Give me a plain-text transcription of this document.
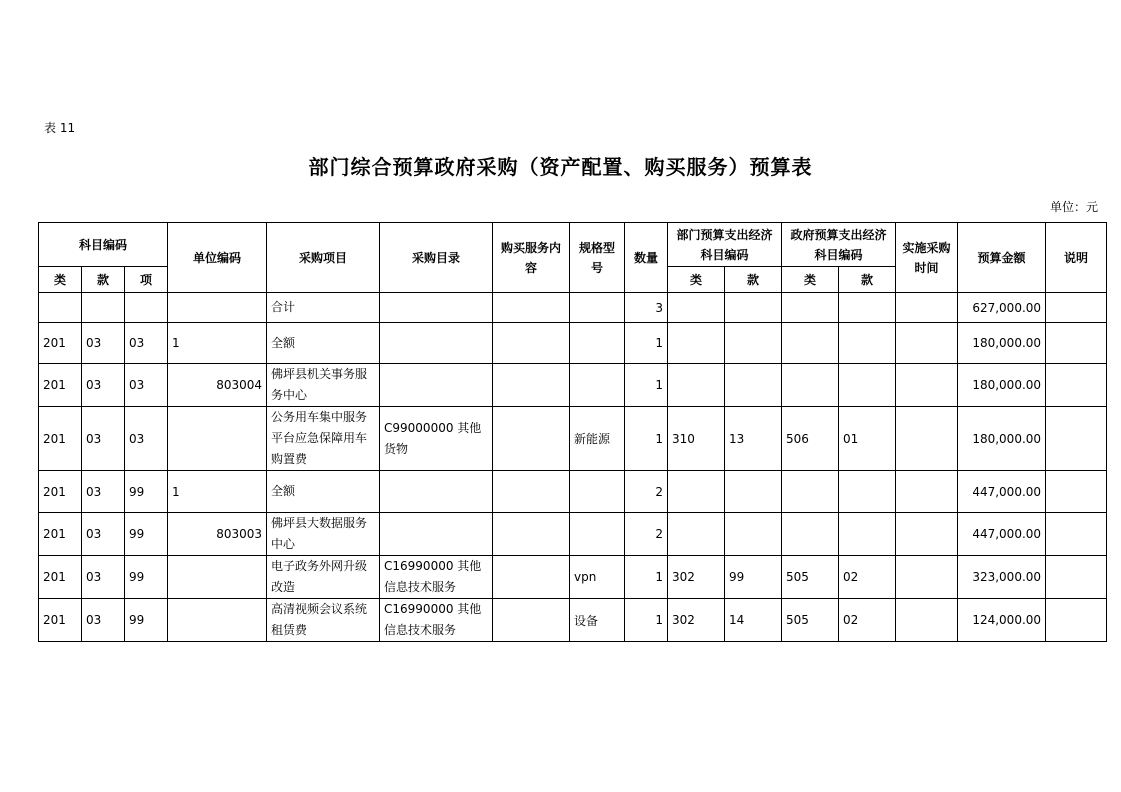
表 11
部门综合预算政府采购（资产配置、购买服务）预算表
单位：元
科目编码			单位编码	采购项目	采购目录	购买服务内容	规格型号	数量	部门预算支出经济科目编码		政府预算支出经济科目编码		实施采购时间	预算金额	说明
类	款	项							类	款	类	款			
				合计				3						627,000.00	
201	03	03	1	全额				1						180,000.00	
201	03	03	803004	佛坪县机关事务服务中心				1						180,000.00	
201	03	03		公务用车集中服务平台应急保障用车购置费	C99000000 其他货物		新能源	1	310	13	506	01		180,000.00	
201	03	99	1	全额				2						447,000.00	
201	03	99	803003	佛坪县大数据服务中心				2						447,000.00	
201	03	99		电子政务外网升级改造	C16990000 其他信息技术服务		vpn	1	302	99	505	02		323,000.00	
201	03	99		高清视频会议系统租赁费	C16990000 其他信息技术服务		设备	1	302	14	505	02		124,000.00	
